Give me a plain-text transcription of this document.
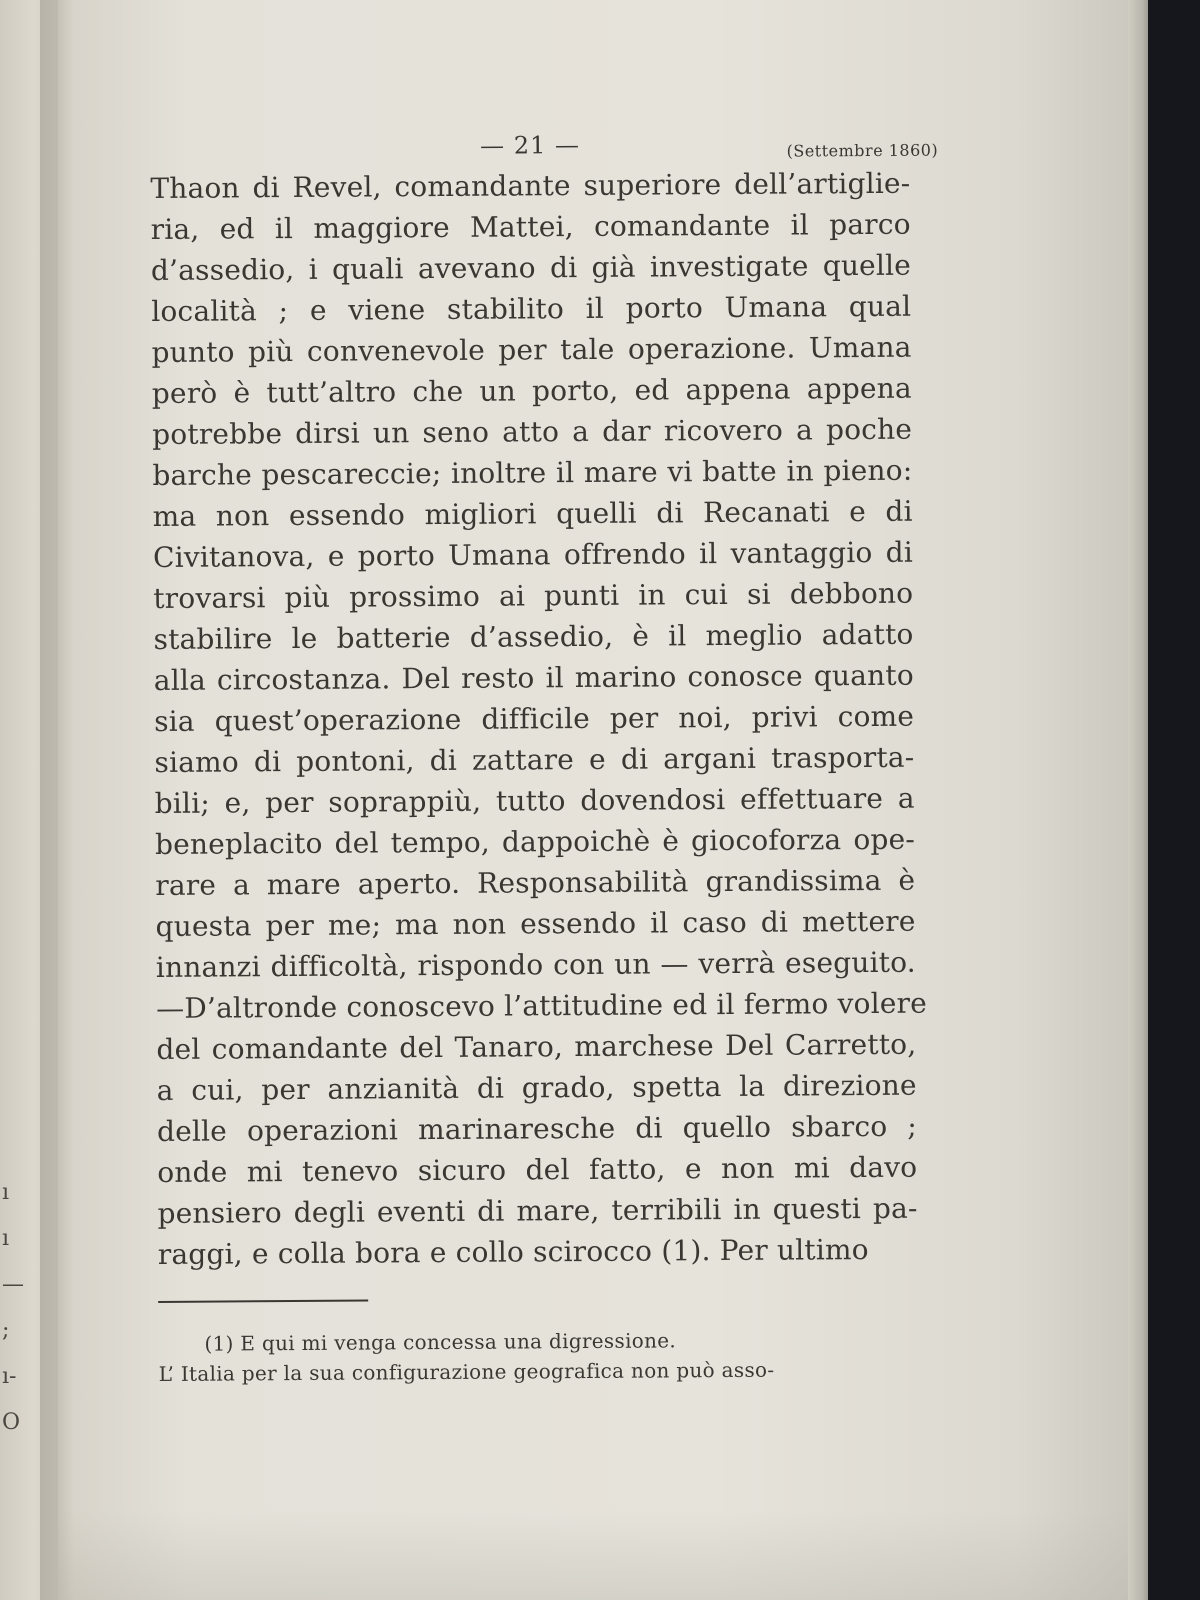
ı
ı
—
;
ı-
O
— 21 —	(Settembre 1860)
Thaon di Revel, comandante superiore dell’artiglie-
ria, ed il maggiore Mattei, comandante il parco
d’assedio, i quali avevano di già investigate quelle
località ; e viene stabilito il porto Umana qual
punto più convenevole per tale operazione. Umana
però è tutt’altro che un porto, ed appena appena
potrebbe dirsi un seno atto a dar ricovero a poche
barche pescareccie; inoltre il mare vi batte in pieno:
ma non essendo migliori quelli di Recanati e di
Civitanova, e porto Umana offrendo il vantaggio di
trovarsi più prossimo ai punti in cui si debbono
stabilire le batterie d’assedio, è il meglio adatto
alla circostanza. Del resto il marino conosce quanto
sia quest’operazione difficile per noi, privi come
siamo di pontoni, di zattare e di argani trasporta-
bili; e, per soprappiù, tutto dovendosi effettuare a
beneplacito del tempo, dappoichè è giocoforza ope-
rare a mare aperto. Responsabilità grandissima è
questa per me; ma non essendo il caso di mettere
innanzi difficoltà, rispondo con un — verrà eseguito.
—D’altronde conoscevo l’attitudine ed il fermo volere
del comandante del Tanaro, marchese Del Carretto,
a cui, per anzianità di grado, spetta la direzione
delle operazioni marinaresche di quello sbarco ;
onde mi tenevo sicuro del fatto, e non mi davo
pensiero degli eventi di mare, terribili in questi pa-
raggi, e colla bora e collo scirocco (1). Per ultimo
(1) E qui mi venga concessa una digressione.
L’ Italia per la sua configurazione geografica non può asso-
